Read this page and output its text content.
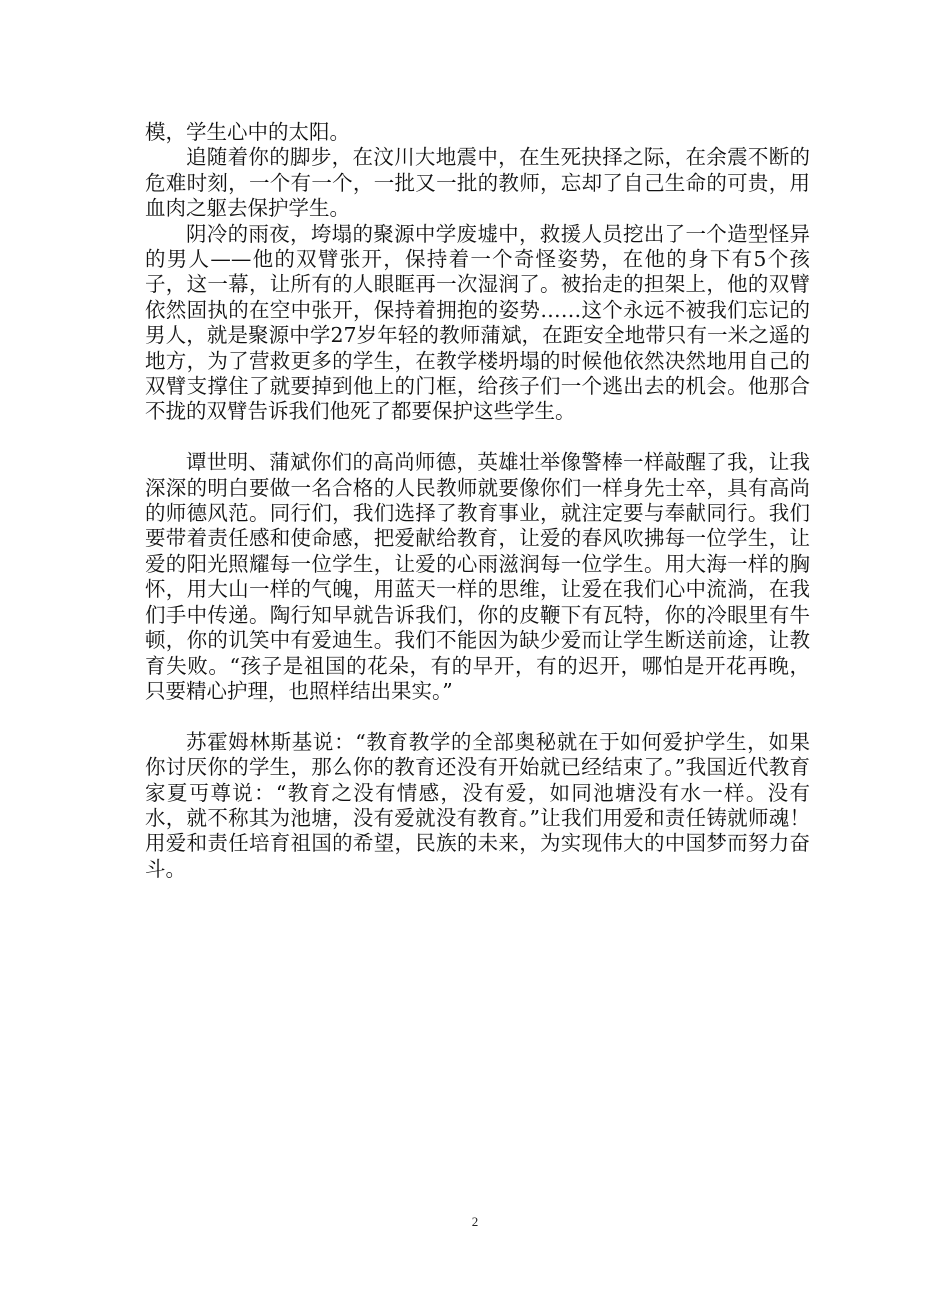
模，学生心中的太阳。

追随着你的脚步，在汶川大地震中，在生死抉择之际，在余震不断的危难时刻，一个有一个，一批又一批的教师，忘却了自己生命的可贵，用血肉之躯去保护学生。

阴冷的雨夜，垮塌的聚源中学废墟中，救援人员挖出了一个造型怪异的男人——他的双臂张开，保持着一个奇怪姿势，在他的身下有5个孩子，这一幕，让所有的人眼眶再一次湿润了。被抬走的担架上，他的双臂依然固执的在空中张开，保持着拥抱的姿势……这个永远不被我们忘记的男人，就是聚源中学27岁年轻的教师蒲斌，在距安全地带只有一米之遥的地方，为了营救更多的学生，在教学楼坍塌的时候他依然决然地用自己的双臂支撑住了就要掉到他上的门框，给孩子们一个逃出去的机会。他那合不拢的双臂告诉我们他死了都要保护这些学生。

谭世明、蒲斌你们的高尚师德，英雄壮举像警棒一样敲醒了我，让我深深的明白要做一名合格的人民教师就要像你们一样身先士卒，具有高尚的师德风范。同行们，我们选择了教育事业，就注定要与奉献同行。我们要带着责任感和使命感，把爱献给教育，让爱的春风吹拂每一位学生，让爱的阳光照耀每一位学生，让爱的心雨滋润每一位学生。用大海一样的胸怀，用大山一样的气魄，用蓝天一样的思维，让爱在我们心中流淌，在我们手中传递。陶行知早就告诉我们，你的皮鞭下有瓦特，你的冷眼里有牛顿，你的讥笑中有爱迪生。我们不能因为缺少爱而让学生断送前途，让教育失败。“孩子是祖国的花朵，有的早开，有的迟开，哪怕是开花再晚，只要精心护理，也照样结出果实。”

苏霍姆林斯基说：“教育教学的全部奥秘就在于如何爱护学生，如果你讨厌你的学生，那么你的教育还没有开始就已经结束了。”我国近代教育家夏丏尊说：“教育之没有情感，没有爱，如同池塘没有水一样。没有水，就不称其为池塘，没有爱就没有教育。”让我们用爱和责任铸就师魂！用爱和责任培育祖国的希望，民族的未来，为实现伟大的中国梦而努力奋斗。

2
